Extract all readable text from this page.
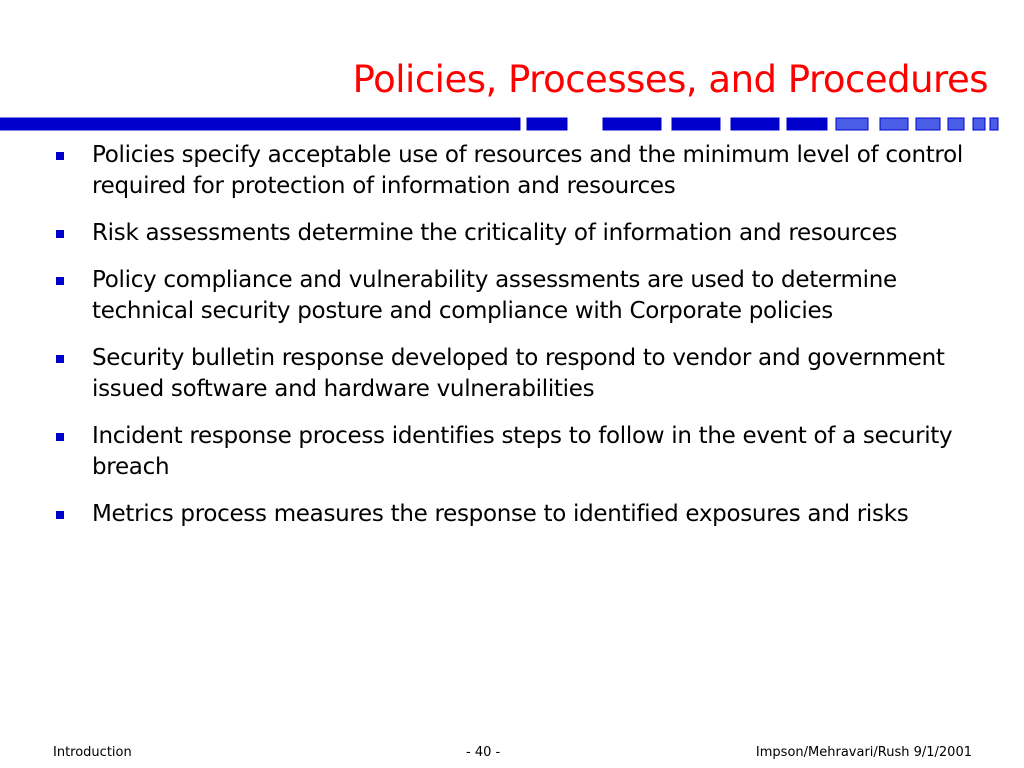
Policies, Processes, and Procedures
Policies specify acceptable use of resources and the minimum level of control required for protection of information and resources
Risk assessments determine the criticality of information and resources
Policy compliance and vulnerability assessments are used to determine technical security posture and compliance with Corporate policies
Security bulletin response developed to respond to vendor and government issued software and hardware vulnerabilities
Incident response process identifies steps to follow in the event of a security breach
Metrics process measures the response to identified exposures and risks
Introduction	- 40 -	Impson/Mehravari/Rush 9/1/2001
